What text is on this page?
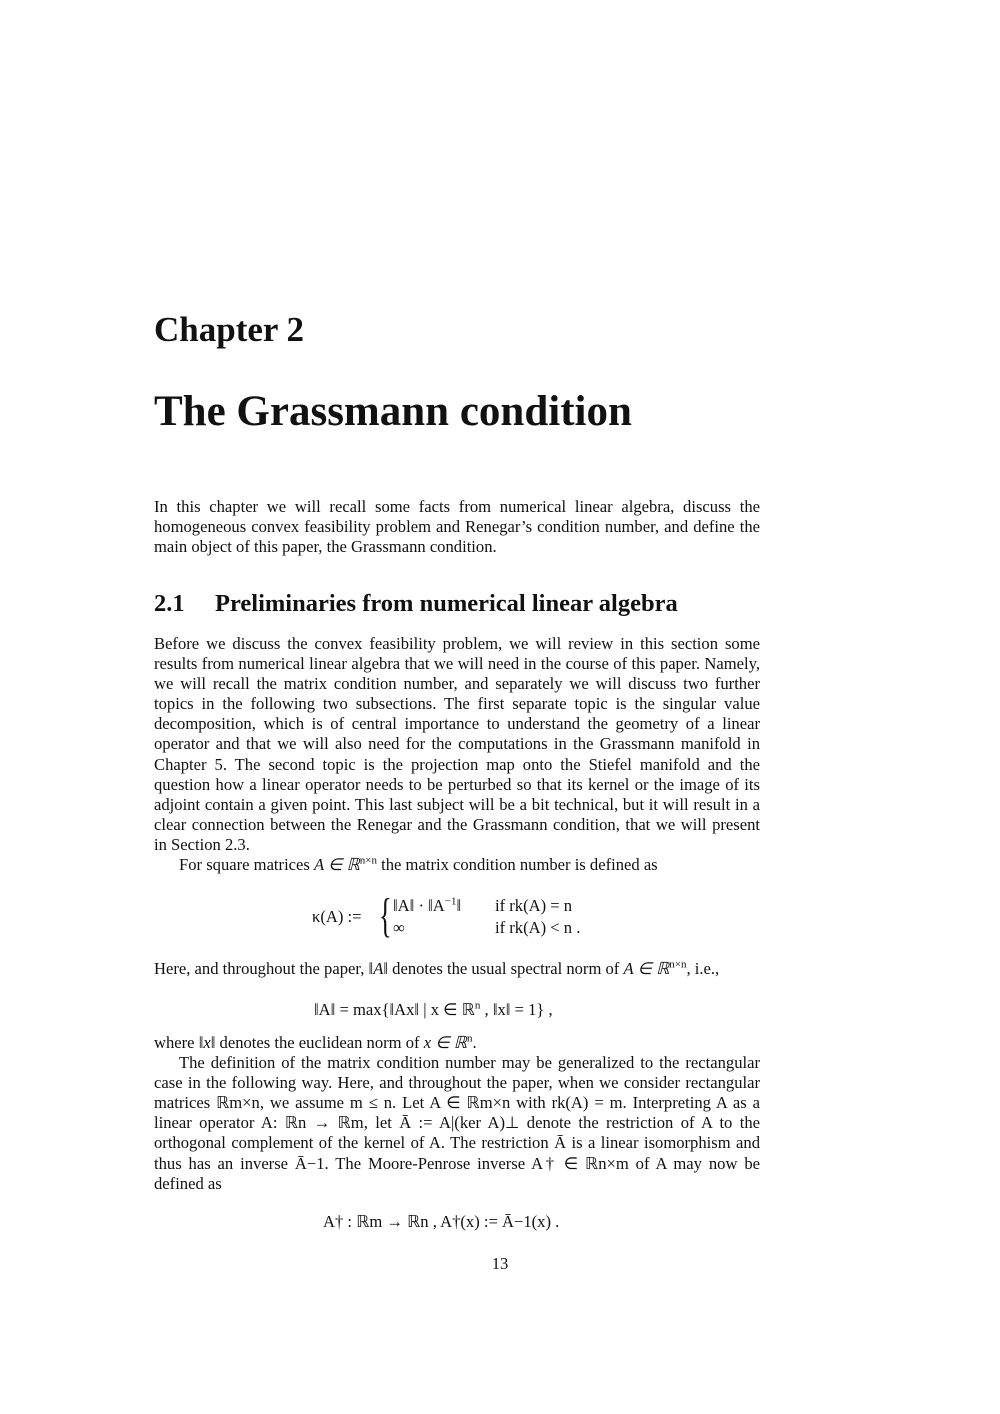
Chapter 2
The Grassmann condition

In this chapter we will recall some facts from numerical linear algebra, discuss the homogeneous convex feasibility problem and Renegar’s condition number, and define the main object of this paper, the Grassmann condition.

2.1 Preliminaries from numerical linear algebra

Before we discuss the convex feasibility problem, we will review in this section some results from numerical linear algebra that we will need in the course of this paper. Namely, we will recall the matrix condition number, and separately we will discuss two further topics in the following two subsections. The first separate topic is the singular value decomposition, which is of central importance to understand the geometry of a linear operator and that we will also need for the computations in the Grassmann manifold in Chapter 5. The second topic is the projection map onto the Stiefel manifold and the question how a linear operator needs to be perturbed so that its kernel or the image of its adjoint contain a given point. This last subject will be a bit technical, but it will result in a clear connection between the Renegar and the Grassmann condition, that we will present in Section 2.3.

For square matrices A ∈ ℝ$^{n\times n}$ the matrix condition number is defined as

κ(A) := { ‖A‖ · $‖A^{-1}‖$ if rk(A) = n
∞	if rk(A) < n .

Here, and throughout the paper, ‖A‖ denotes the usual spectral norm of A ∈ ℝ$^{n\times n}$, i.e.,

‖A‖ = max{‖Ax‖ | x ∈ ℝ$^n$ , ‖x‖ = 1} ,

where ‖x‖ denotes the euclidean norm of x ∈ ℝ$^n$.

The definition of the matrix condition number may be generalized to the rectangular case in the following way. Here, and throughout the paper, when we consider rectangular matrices ℝm×n, we assume m ≤ n. Let A ∈ ℝm×n with rk(A) = m. Interpreting A as a linear operator A: ℝn → ℝm, let Ā := A|(ker A)⊥ denote the restriction of A to the orthogonal complement of the kernel of A. The restriction Ā is a linear isomorphism and thus has an inverse Ā−1. The Moore-Penrose inverse A† ∈ ℝn×m of A may now be defined as

A† : ℝm → ℝn , A†(x) := Ā−1(x) .
13
